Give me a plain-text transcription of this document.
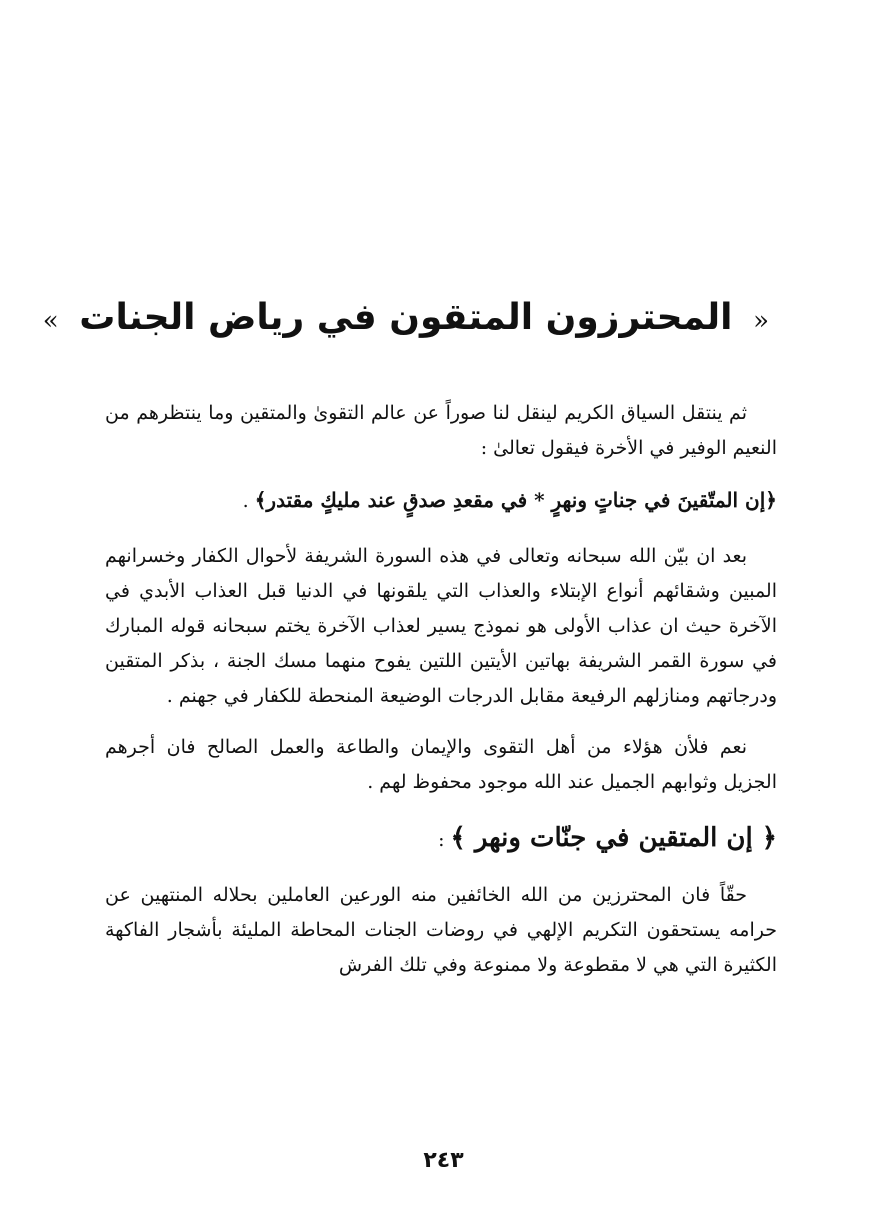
« المحترزون المتقون في رياض الجنات »

ثم ينتقل السياق الكريم لينقل لنا صوراً عن عالم التقوىٰ والمتقين وما ينتظرهم من النعيم الوفير في الأخرة فيقول تعالىٰ :

﴿إن المتّقينَ في جناتٍ ونهرٍ * في مقعدِ صدقٍ عند مليكٍ مقتدر﴾ .

بعد ان بيّن الله سبحانه وتعالى في هذه السورة الشريفة لأحوال الكفار وخسرانهم المبين وشقائهم أنواع الإبتلاء والعذاب التي يلقونها في الدنيا قبل العذاب الأبدي في الآخرة حيث ان عذاب الأولى هو نموذج يسير لعذاب الآخرة يختم سبحانه قوله المبارك في سورة القمر الشريفة بهاتين الأيتين اللتين يفوح منهما مسك الجنة ، بذكر المتقين ودرجاتهم ومنازلهم الرفيعة مقابل الدرجات الوضيعة المنحطة للكفار في جهنم .

نعم فلأن هؤلاء من أهل التقوى والإيمان والطاعة والعمل الصالح فان أجرهم الجزيل وثوابهم الجميل عند الله موجود محفوظ لهم .

﴿ إن المتقين في جنّات ونهر ﴾ :

حقّاً فان المحترزين من الله الخائفين منه الورعين العاملين بحلاله المنتهين عن حرامه يستحقون التكريم الإلهي في روضات الجنات المحاطة المليئة بأشجار الفاكهة الكثيرة التي هي لا مقطوعة ولا ممنوعة وفي تلك الفرش

٢٤٣
